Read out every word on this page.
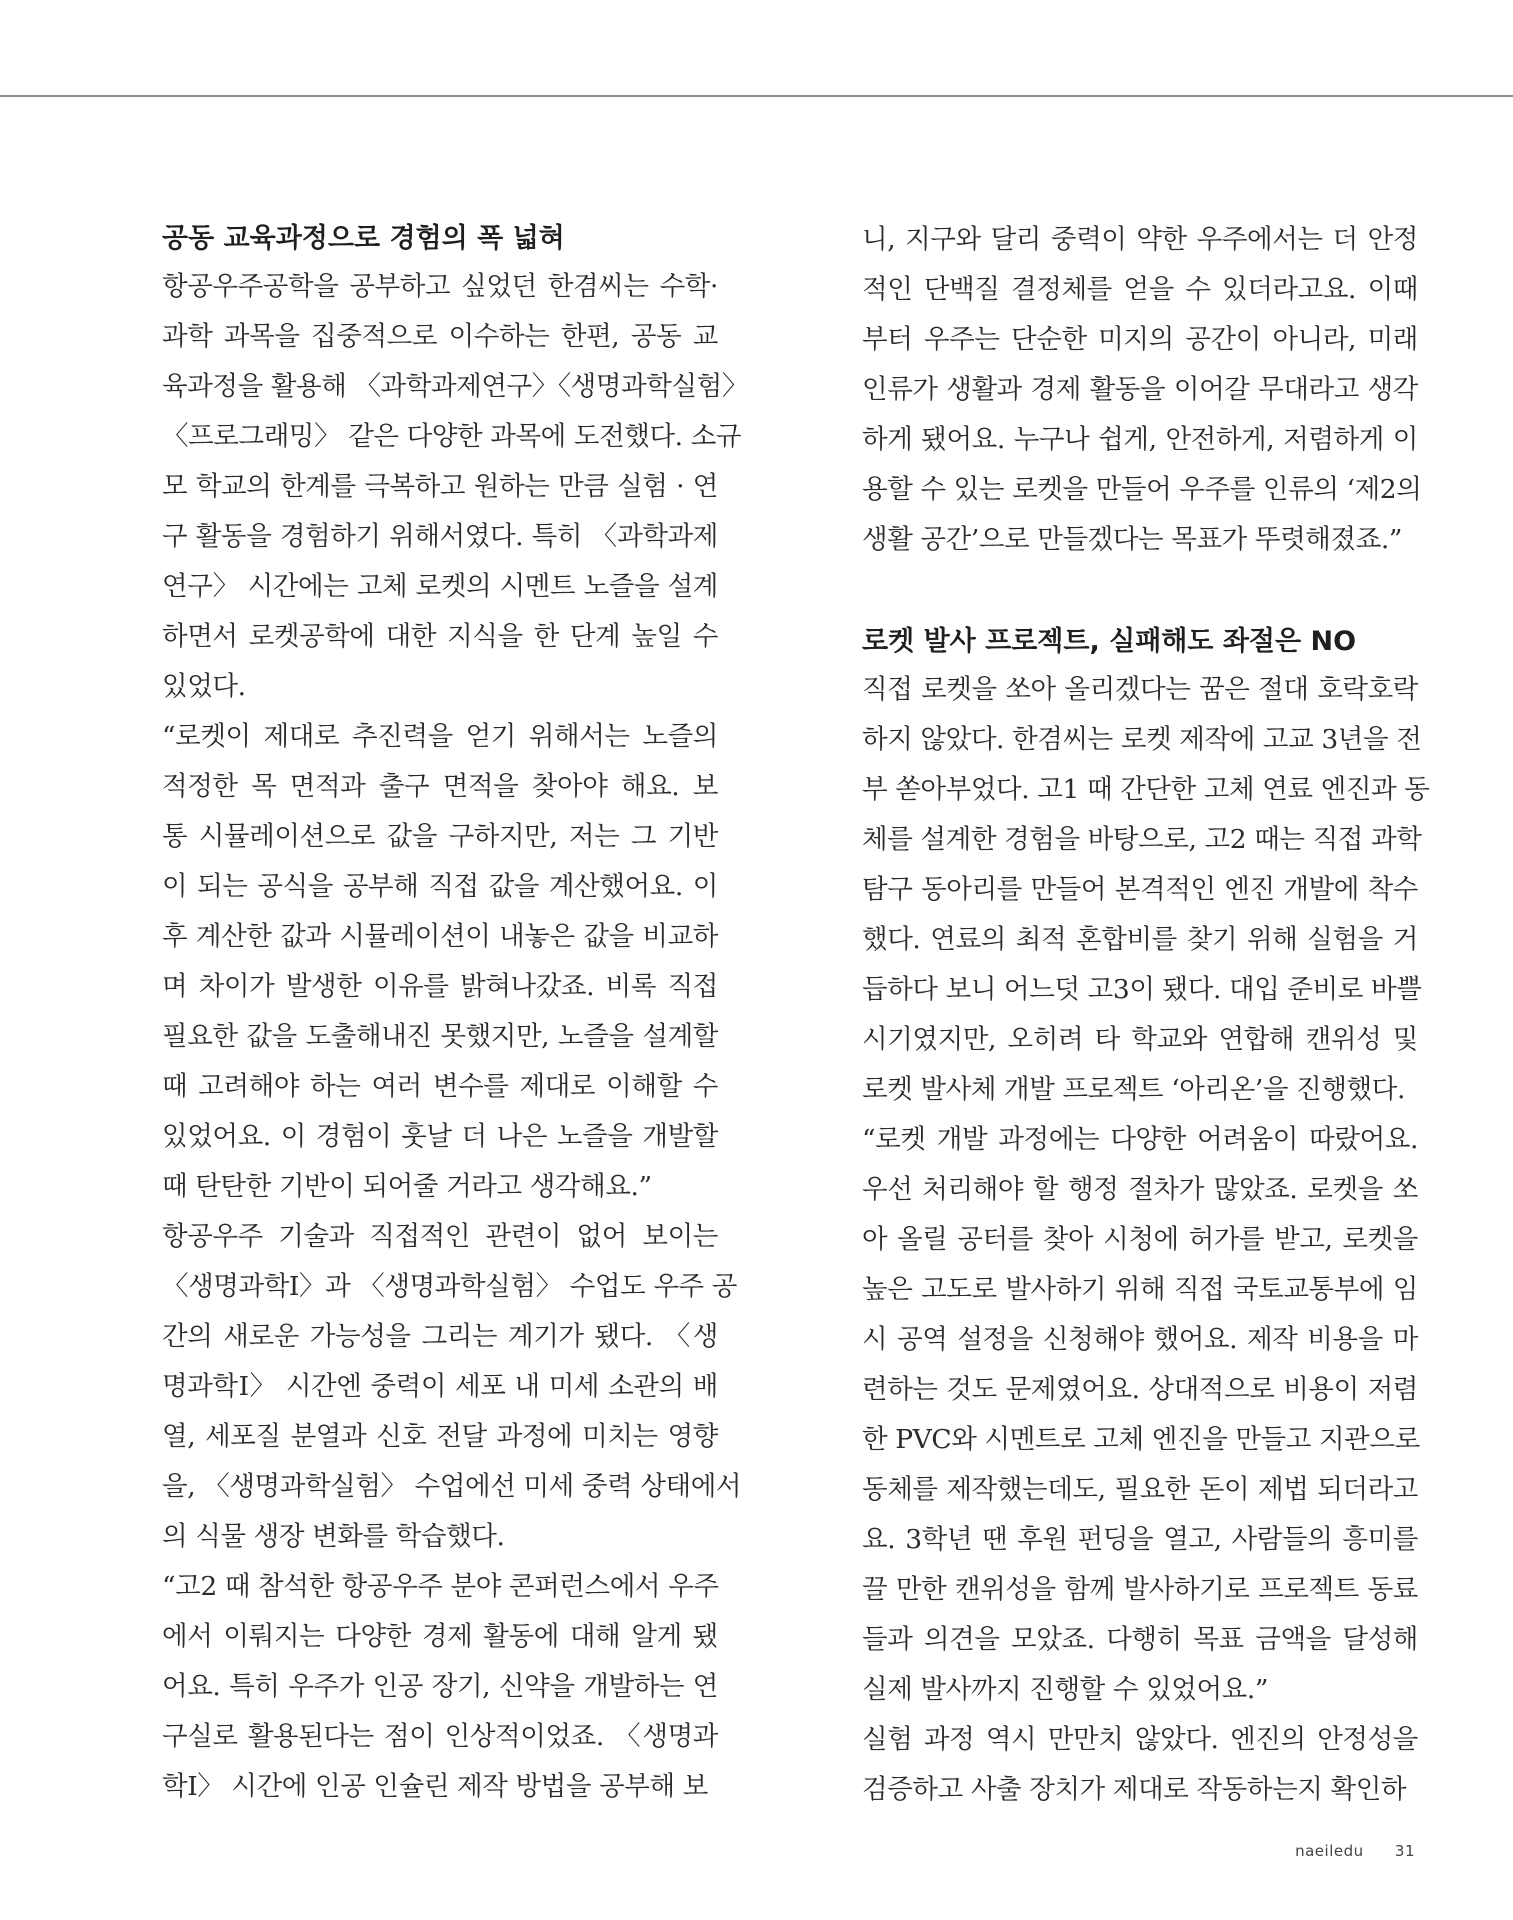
공동 교육과정으로 경험의 폭 넓혀
항공우주공학을 공부하고 싶었던 한겸씨는 수학·
과학 과목을 집중적으로 이수하는 한편, 공동 교
육과정을 활용해 〈과학과제연구〉〈생명과학실험〉
〈프로그래밍〉 같은 다양한 과목에 도전했다. 소규
모 학교의 한계를 극복하고 원하는 만큼 실험 · 연
구 활동을 경험하기 위해서였다. 특히 〈과학과제
연구〉 시간에는 고체 로켓의 시멘트 노즐을 설계
하면서 로켓공학에 대한 지식을 한 단계 높일 수
있었다.
“로켓이 제대로 추진력을 얻기 위해서는 노즐의
적정한 목 면적과 출구 면적을 찾아야 해요. 보
통 시뮬레이션으로 값을 구하지만, 저는 그 기반
이 되는 공식을 공부해 직접 값을 계산했어요. 이
후 계산한 값과 시뮬레이션이 내놓은 값을 비교하
며 차이가 발생한 이유를 밝혀나갔죠. 비록 직접
필요한 값을 도출해내진 못했지만, 노즐을 설계할
때 고려해야 하는 여러 변수를 제대로 이해할 수
있었어요. 이 경험이 훗날 더 나은 노즐을 개발할
때 탄탄한 기반이 되어줄 거라고 생각해요.”
항공우주 기술과 직접적인 관련이 없어 보이는
〈생명과학Ⅰ〉과 〈생명과학실험〉 수업도 우주 공
간의 새로운 가능성을 그리는 계기가 됐다. 〈생
명과학Ⅰ〉 시간엔 중력이 세포 내 미세 소관의 배
열, 세포질 분열과 신호 전달 과정에 미치는 영향
을, 〈생명과학실험〉 수업에선 미세 중력 상태에서
의 식물 생장 변화를 학습했다.
“고2 때 참석한 항공우주 분야 콘퍼런스에서 우주
에서 이뤄지는 다양한 경제 활동에 대해 알게 됐
어요. 특히 우주가 인공 장기, 신약을 개발하는 연
구실로 활용된다는 점이 인상적이었죠. 〈생명과
학Ⅰ〉 시간에 인공 인슐린 제작 방법을 공부해 보
니, 지구와 달리 중력이 약한 우주에서는 더 안정
적인 단백질 결정체를 얻을 수 있더라고요. 이때
부터 우주는 단순한 미지의 공간이 아니라, 미래
인류가 생활과 경제 활동을 이어갈 무대라고 생각
하게 됐어요. 누구나 쉽게, 안전하게, 저렴하게 이
용할 수 있는 로켓을 만들어 우주를 인류의 ‘제2의
생활 공간’으로 만들겠다는 목표가 뚜렷해졌죠.”
로켓 발사 프로젝트, 실패해도 좌절은 NO
직접 로켓을 쏘아 올리겠다는 꿈은 절대 호락호락
하지 않았다. 한겸씨는 로켓 제작에 고교 3년을 전
부 쏟아부었다. 고1 때 간단한 고체 연료 엔진과 동
체를 설계한 경험을 바탕으로, 고2 때는 직접 과학
탐구 동아리를 만들어 본격적인 엔진 개발에 착수
했다. 연료의 최적 혼합비를 찾기 위해 실험을 거
듭하다 보니 어느덧 고3이 됐다. 대입 준비로 바쁠
시기였지만, 오히려 타 학교와 연합해 캔위성 및
로켓 발사체 개발 프로젝트 ‘아리온’을 진행했다.
“로켓 개발 과정에는 다양한 어려움이 따랐어요.
우선 처리해야 할 행정 절차가 많았죠. 로켓을 쏘
아 올릴 공터를 찾아 시청에 허가를 받고, 로켓을
높은 고도로 발사하기 위해 직접 국토교통부에 임
시 공역 설정을 신청해야 했어요. 제작 비용을 마
련하는 것도 문제였어요. 상대적으로 비용이 저렴
한 PVC와 시멘트로 고체 엔진을 만들고 지관으로
동체를 제작했는데도, 필요한 돈이 제법 되더라고
요. 3학년 땐 후원 펀딩을 열고, 사람들의 흥미를
끌 만한 캔위성을 함께 발사하기로 프로젝트 동료
들과 의견을 모았죠. 다행히 목표 금액을 달성해
실제 발사까지 진행할 수 있었어요.”
실험 과정 역시 만만치 않았다. 엔진의 안정성을
검증하고 사출 장치가 제대로 작동하는지 확인하
naeiledu 31
